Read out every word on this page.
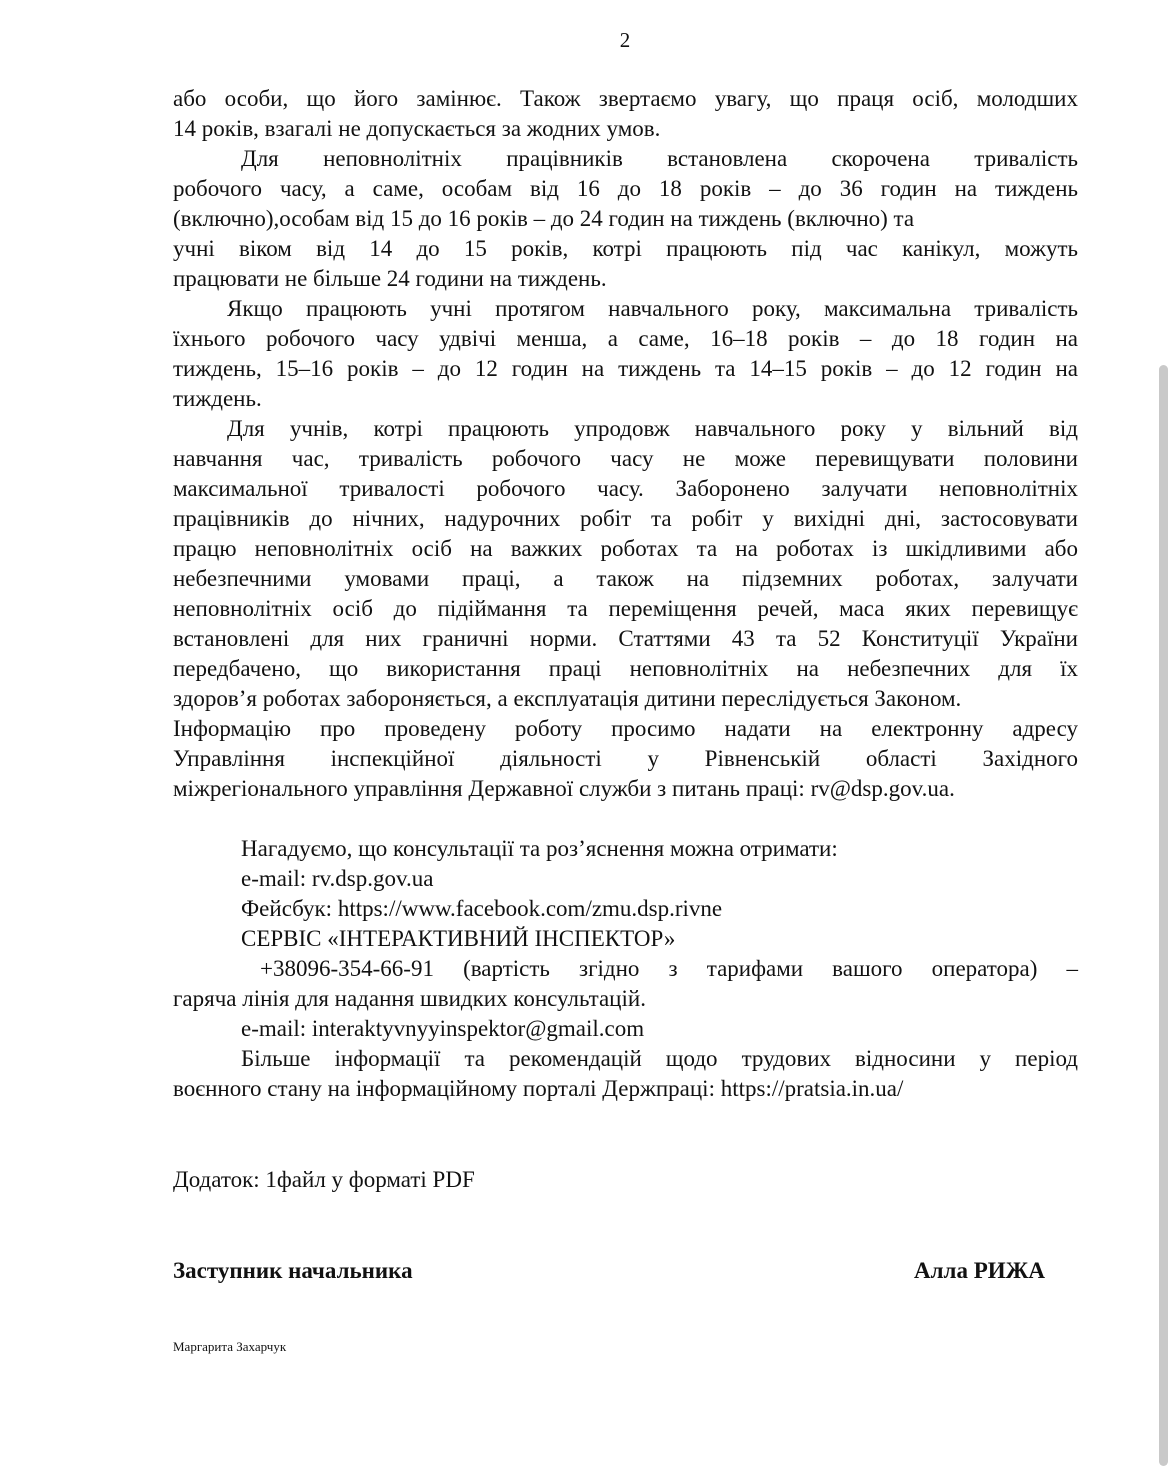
2

або особи, що його замінює. Також звертаємо увагу, що праця осіб, молодших

14 років, взагалі не допускається за жодних умов.

Для неповнолітніх працівників встановлена скорочена тривалість

робочого часу, а саме, особам від 16 до 18 років – до 36 годин на тиждень

(включно),особам від 15 до 16 років – до 24 годин на тиждень (включно) та

учні віком від 14 до 15 років, котрі працюють під час канікул, можуть

працювати не більше 24 години на тиждень.

Якщо працюють учні протягом навчального року, максимальна тривалість

їхнього робочого часу удвічі менша, а саме, 16–18 років – до 18 годин на

тиждень, 15–16 років – до 12 годин на тиждень та 14–15 років – до 12 годин на

тиждень.

Для учнів, котрі працюють упродовж навчального року у вільний від

навчання час, тривалість робочого часу не може перевищувати половини

максимальної тривалості робочого часу. Заборонено залучати неповнолітніх

працівників до нічних, надурочних робіт та робіт у вихідні дні, застосовувати

працю неповнолітніх осіб на важких роботах та на роботах із шкідливими або

небезпечними умовами праці, а також на підземних роботах, залучати

неповнолітніх осіб до підіймання та переміщення речей, маса яких перевищує

встановлені для них граничні норми. Статтями 43 та 52 Конституції України

передбачено, що використання праці неповнолітніх на небезпечних для їх

здоров’я роботах забороняється, а експлуатація дитини переслідується Законом.

Інформацію про проведену роботу просимо надати на електронну адресу

Управління інспекційної діяльності у Рівненській області Західного

міжрегіонального управління Державної служби з питань праці: rv@dsp.gov.ua.

Нагадуємо, що консультації та роз’яснення можна отримати:

e-mail: rv.dsp.gov.ua

Фейсбук: https://www.facebook.com/zmu.dsp.rivne

СЕРВІС «ІНТЕРАКТИВНИЙ ІНСПЕКТОР»

+38096-354-66-91 (вартість згідно з тарифами вашого оператора) –

гаряча лінія для надання швидких консультацій.

e-mail: interaktyvnyyinspektor@gmail.com

Більше інформації та рекомендацій щодо трудових відносини у період

воєнного стану на інформаційному порталі Держпраці: https://pratsia.in.ua/

Додаток: 1файл у форматі PDF
Заступник начальника	Алла РИЖА
Маргарита Захарчук
